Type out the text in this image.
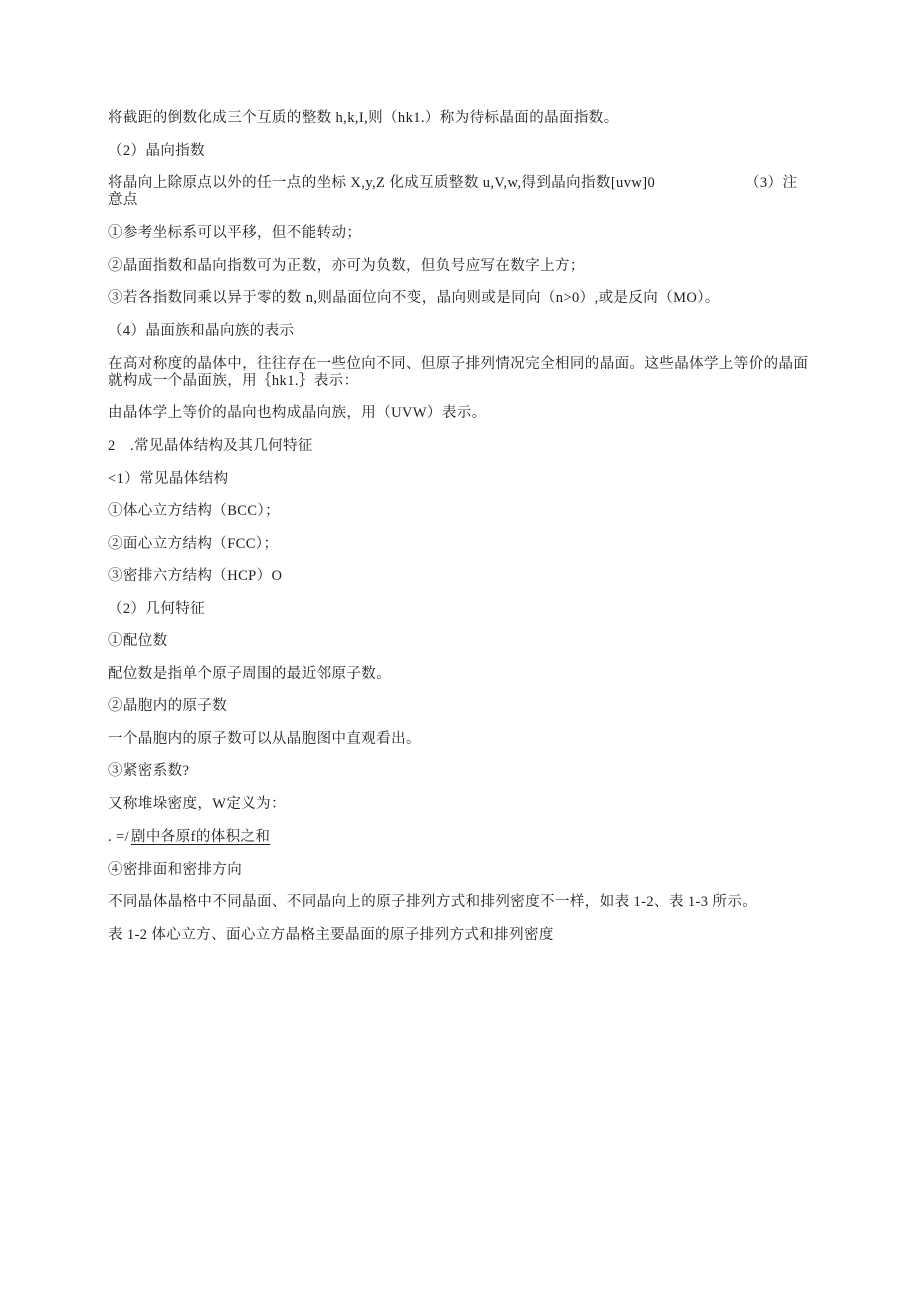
将截距的倒数化成三个互质的整数 h,k,I,则（hk1.）称为待标晶面的晶面指数。
（2）晶向指数
将晶向上除原点以外的任一点的坐标 X,y,Z 化成互质整数 u,V,w,得到晶向指数[uvw]0	（3）注
意点
①参考坐标系可以平移，但不能转动；
②晶面指数和晶向指数可为正数，亦可为负数，但负号应写在数字上方；
③若各指数同乘以异于零的数 n,则晶面位向不变，晶向则或是同向（n>0）,或是反向（MO）。
（4）晶面族和晶向族的表示
在高对称度的晶体中，往往存在一些位向不同、但原子排列情况完全相同的晶面。这些晶体学上等价的晶面
就构成一个晶面族，用｛hk1.｝表示：
由晶体学上等价的晶向也构成晶向族，用（UVW）表示。
2 .常见晶体结构及其几何特征
<1）常见晶体结构
①体心立方结构（BCC）；
②面心立方结构（FCC）；
③密排六方结构（HCP）O
（2）几何特征
①配位数
配位数是指单个原子周围的最近邻原子数。
②晶胞内的原子数
一个晶胞内的原子数可以从晶胞图中直观看出。
③紧密系数?
又称堆垛密度，W定义为：
. =/ 剧中各原f的体积之和
④密排面和密排方向
不同晶体晶格中不同晶面、不同晶向上的原子排列方式和排列密度不一样，如表 1-2、表 1-3 所示。
表 1-2 体心立方、面心立方晶格主要晶面的原子排列方式和排列密度
